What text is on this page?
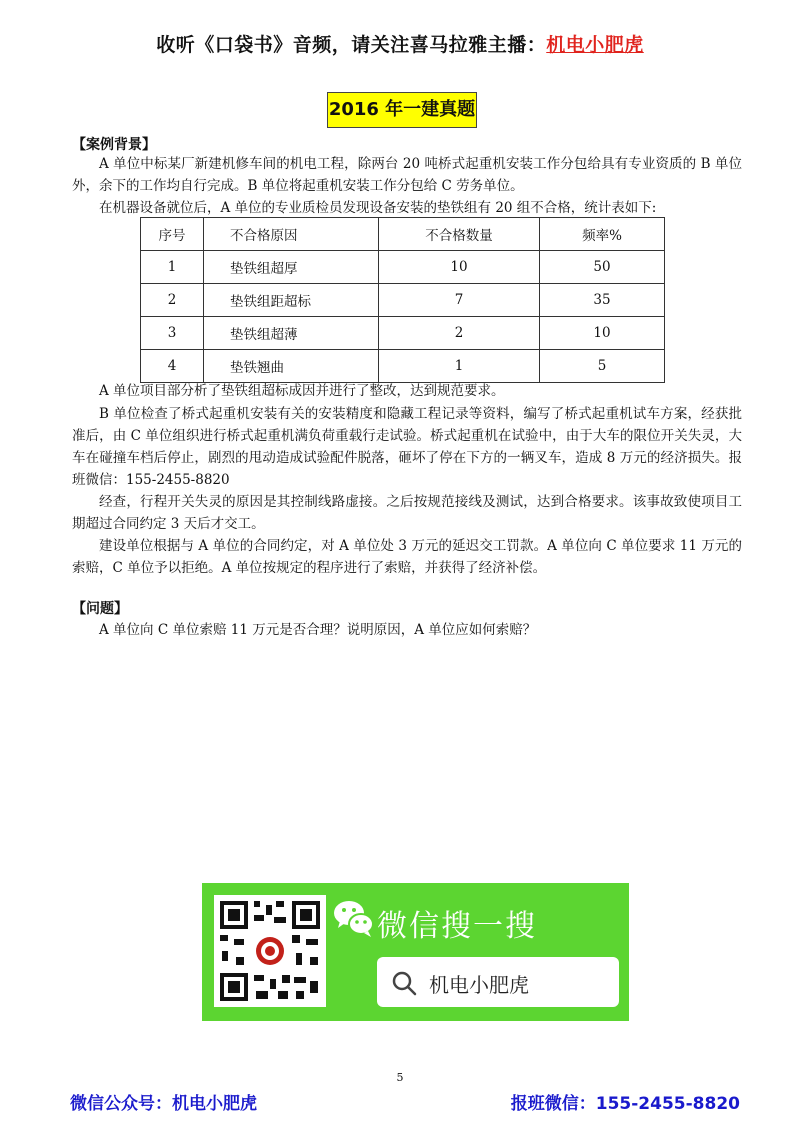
收听《口袋书》音频，请关注喜马拉雅主播：机电小肥虎
2016 年一建真题
【案例背景】
A 单位中标某厂新建机修车间的机电工程，除两台 20 吨桥式起重机安装工作分包给具有专业资质的 B 单位外，余下的工作均自行完成。B 单位将起重机安装工作分包给 C 劳务单位。
在机器设备就位后，A 单位的专业质检员发现设备安装的垫铁组有 20 组不合格，统计表如下:
序号	不合格原因	不合格数量	频率%
1	垫铁组超厚	10	50
2	垫铁组距超标	7	35
3	垫铁组超薄	2	10
4	垫铁翘曲	1	5
A 单位项目部分析了垫铁组超标成因并进行了整改，达到规范要求。
B 单位检查了桥式起重机安装有关的安装精度和隐藏工程记录等资料，编写了桥式起重机试车方案，经获批准后，由 C 单位组织进行桥式起重机满负荷重载行走试验。桥式起重机在试验中，由于大车的限位开关失灵，大车在碰撞车档后停止，剧烈的甩动造成试验配件脱落，砸坏了停在下方的一辆叉车，造成 8 万元的经济损失。报班微信：155-2455-8820
经查，行程开关失灵的原因是其控制线路虚接。之后按规范接线及测试，达到合格要求。该事故致使项目工期超过合同约定 3 天后才交工。
建设单位根据与 A 单位的合同约定，对 A 单位处 3 万元的延迟交工罚款。A 单位向 C 单位要求 11 万元的索赔，C 单位予以拒绝。A 单位按规定的程序进行了索赔，并获得了经济补偿。
【问题】
A 单位向 C 单位索赔 11 万元是否合理？说明原因，A 单位应如何索赔？
微信搜一搜
机电小肥虎
5
微信公众号：机电小肥虎	报班微信：155-2455-8820
